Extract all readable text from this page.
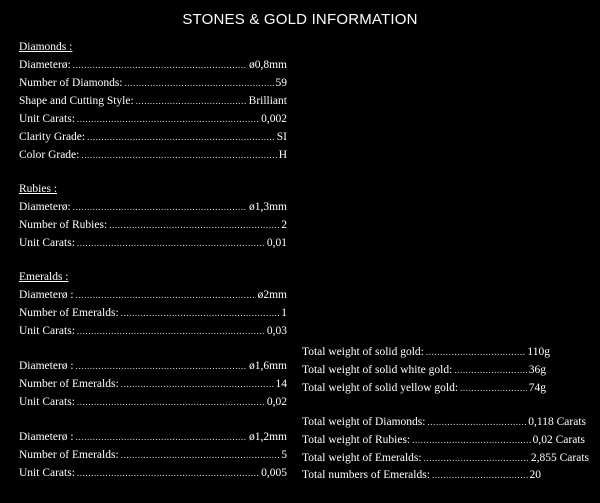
STONES & GOLD INFORMATION
Diamonds :
Diameterø: .....	ø0,8mm
Number of Diamonds: .....	59
Shape and Cutting Style: .....	Brilliant
Unit Carats: .....	0,002
Clarity Grade: .....	SI
Color Grade: .....	H
Rubies :
Diameterø: .....	ø1,3mm
Number of Rubies: .....	2
Unit Carats: .....	0,01
Emeralds :
Diameterø : .....	ø2mm
Number of Emeralds: .....	1
Unit Carats: .....	0,03
Diameterø : .....	ø1,6mm
Number of Emeralds: .....	14
Unit Carats: .....	0,02
Diameterø : .....	ø1,2mm
Number of Emeralds: .....	5
Unit Carats: .....	0,005
Total weight of solid gold: .....	110g
Total weight of solid white gold: .....	36g
Total weight of solid yellow gold: .....	74g
Total weight of Diamonds: .....	0,118 Carats
Total weight of Rubies: .....	0,02 Carats
Total weight of Emeralds: .....	2,855 Carats
Total numbers of Emeralds: .....	20
